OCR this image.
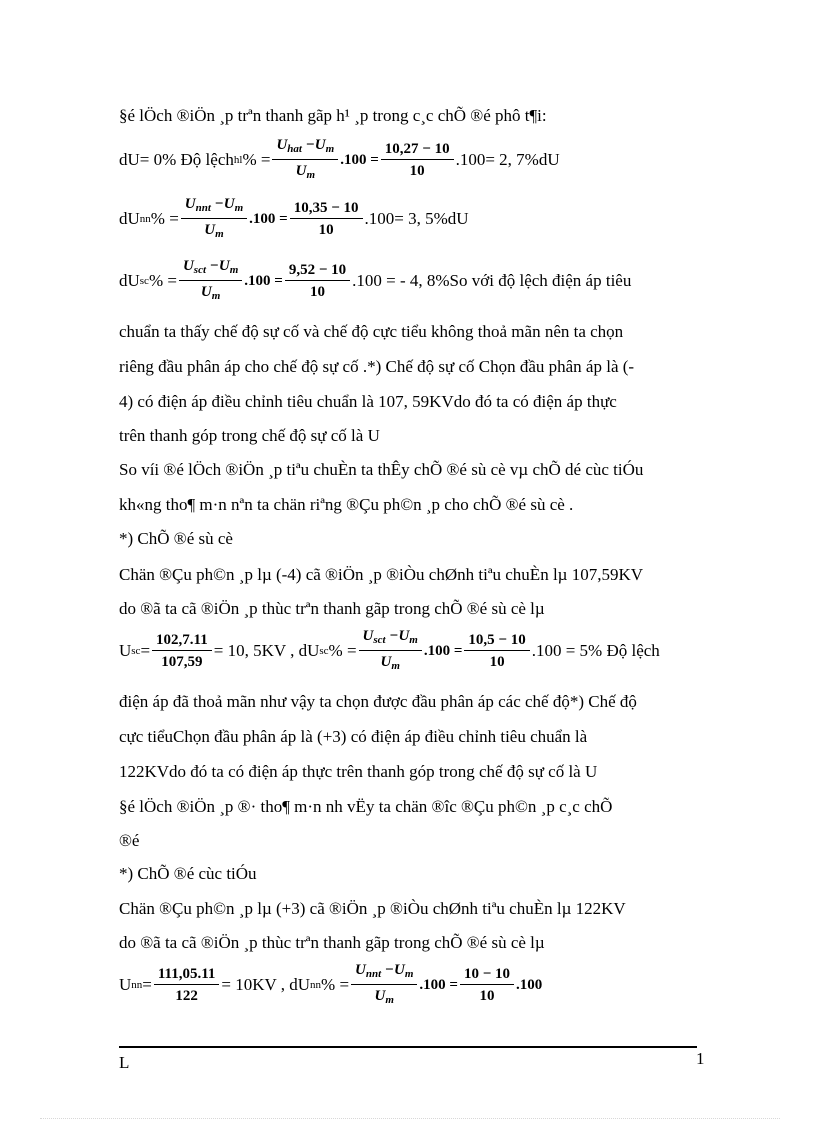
§é lÖch ®iÖn ¸p trªn thanh gãp h¹ ¸p trong c¸c chÕ ®é phô t¶i:
dU= 0% Độ lệch hl % = $\frac{U_{hat} -U_m}{U_m} .100 = \frac{10,27 - 10}{10} .100= 2$, 7%dU
dU nn % = $\frac{U_{nnt} -U_m}{U_m} .100 = \frac{10,35 - 10}{10} .100= 3$, 5%dU
dU sc % = $\frac{U_{sct} -U_m}{U_m} .100 = \frac{9,52 - 10}{10} .100$ = - 4, 8%So với độ lệch điện áp tiêu
chuẩn ta thấy chế độ sự cố và chế độ cực tiểu không thoả mãn nên ta chọn
riêng đầu phân áp cho chế độ sự cố .*) Chế độ sự cố Chọn đầu phân áp là (-
4) có điện áp điều chỉnh tiêu chuẩn là 107, 59KVdo đó ta có điện áp thực
trên thanh góp trong chế độ sự cố là U
So víi ®é lÖch ®iÖn ¸p tiªu chuÈn ta thÊy chÕ ®é sù cè vµ chÕ dé cùc tiÓu
kh«ng tho¶ m·n nªn ta chän riªng ®Çu ph©n ¸p cho chÕ ®é sù cè .
*) ChÕ ®é sù cè
Chän ®Çu ph©n ¸p lµ (-4) cã ®iÖn ¸p ®iÒu chØnh tiªu chuÈn lµ 107,59KV
do ®ã ta cã ®iÖn ¸p thùc trªn thanh gãp trong chÕ ®é sù cè lµ
U sc = $\frac{102,7.11}{107,59} = 10$, 5KV , dU sc % = $\frac{U_{sct} -U_m}{U_m} .100 = \frac{10,5 - 10}{10} .100 = 5\%$ Độ lệch
điện áp đã thoả mãn như vậy ta chọn được đầu phân áp các chế độ*) Chế độ
cực tiểuChọn đầu phân áp là (+3) có điện áp điều chỉnh tiêu chuẩn là
122KVdo đó ta có điện áp thực trên thanh góp trong chế độ sự cố là U
§é lÖch ®iÖn ¸p ®· tho¶ m·n nh vËy ta chän ®îc ®Çu ph©n ¸p c¸c chÕ
®é
*) ChÕ ®é cùc tiÓu
Chän ®Çu ph©n ¸p lµ (+3) cã ®iÖn ¸p ®iÒu chØnh tiªu chuÈn lµ 122KV
do ®ã ta cã ®iÖn ¸p thùc trªn thanh gãp trong chÕ ®é sù cè lµ
U nn = $\frac{111,05.11}{122} = 10KV$ , dU nn % = $\frac{U_{nnt} -U_m}{U_m} .100 = \frac{10 - 10}{10} .100$
L	1
